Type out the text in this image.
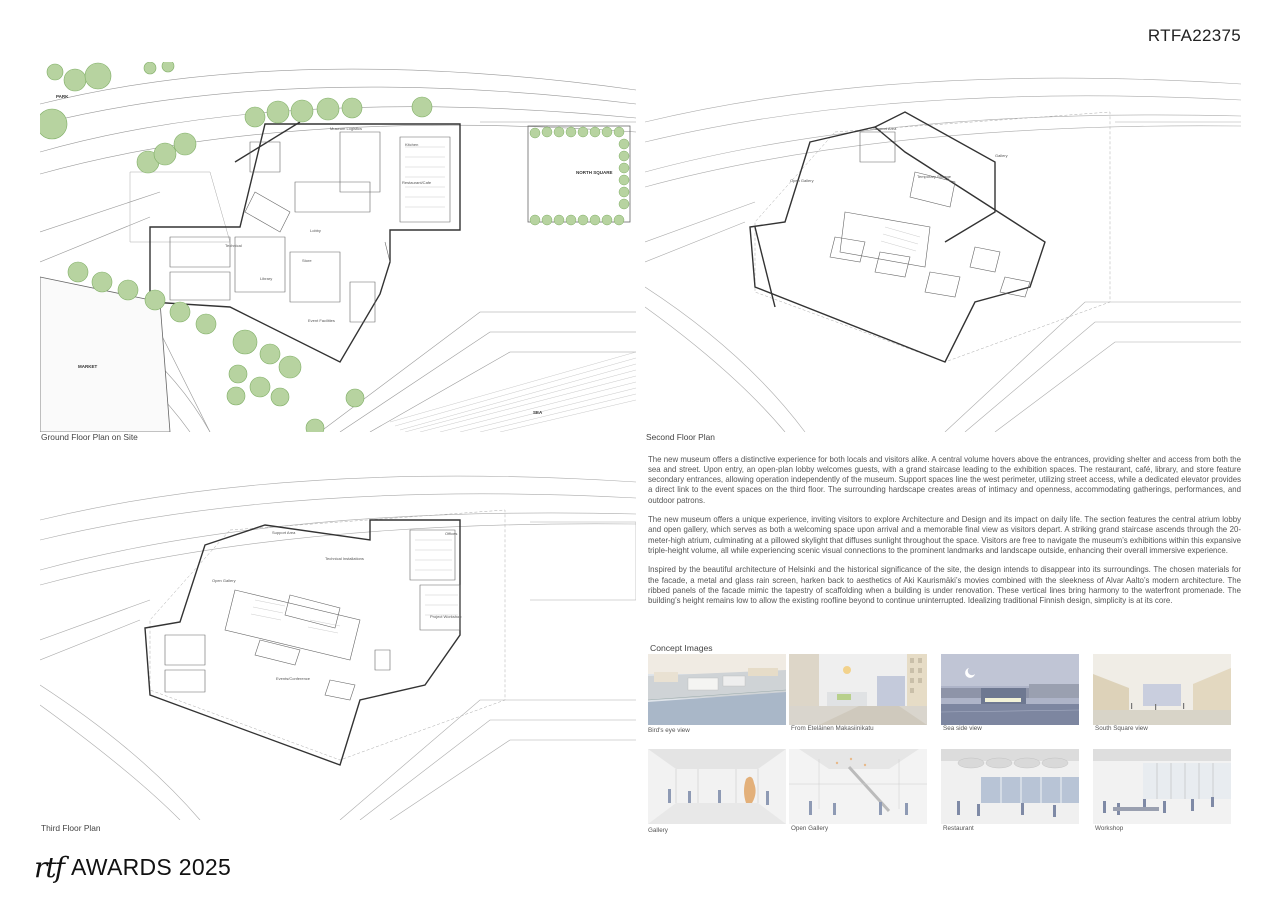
RTFA22375
PARK
NORTH SQUARE
MARKET
SEA
Lobby
Restaurant/Cafe
Kitchen
Event Facilities
Library
Store
Technical
Museum Logistics
Ground Floor Plan on Site
Gallery
Open Gallery
Support Area
Temporary Storage
Second Floor Plan
Open Gallery
Offices
Technical Installations
Events/Conference
Project Workshop
Support Area
Third Floor Plan

The new museum offers a distinctive experience for both locals and visitors alike. A central volume hovers above the entrances, providing shelter and access from both the sea and street. Upon entry, an open-plan lobby welcomes guests, with a grand staircase leading to the exhibition spaces. The restaurant, café, library, and store feature secondary entrances, allowing operation independently of the museum. Support spaces line the west perimeter, utilizing street access, while a dedicated elevator provides a direct link to the event spaces on the third floor. The surrounding hardscape creates areas of intimacy and openness, accommodating gatherings, performances, and outdoor patrons.

The new museum offers a unique experience, inviting visitors to explore Architecture and Design and its impact on daily life. The section features the central atrium lobby and open gallery, which serves as both a welcoming space upon arrival and a memorable final view as visitors depart. A striking grand staircase ascends through the 20-meter-high atrium, culminating at a pillowed skylight that diffuses sunlight throughout the space. Visitors are free to navigate the museum’s exhibitions within this expansive triple-height volume, all while experiencing scenic visual connections to the prominent landmarks and landscape outside, enhancing their overall immersive experience.

Inspired by the beautiful architecture of Helsinki and the historical significance of the site, the design intends to disappear into its surroundings. The chosen materials for the facade, a metal and glass rain screen, harken back to aesthetics of Aki Kaurismäki’s movies combined with the sleekness of Alvar Aalto’s modern architecture. The ribbed panels of the facade mimic the tapestry of scaffolding when a building is under renovation. These vertical lines bring harmony to the waterfront promenade. The building’s height remains low to allow the existing roofline beyond to continue uninterrupted. Idealizing traditional Finnish design, simplicity is at its core.

Concept Images
Bird's eye view	From Eteläinen Makasiinikatu	Sea side view	South Square view
Gallery	Open Gallery	Restaurant	Workshop
rtf AWARDS 2025
